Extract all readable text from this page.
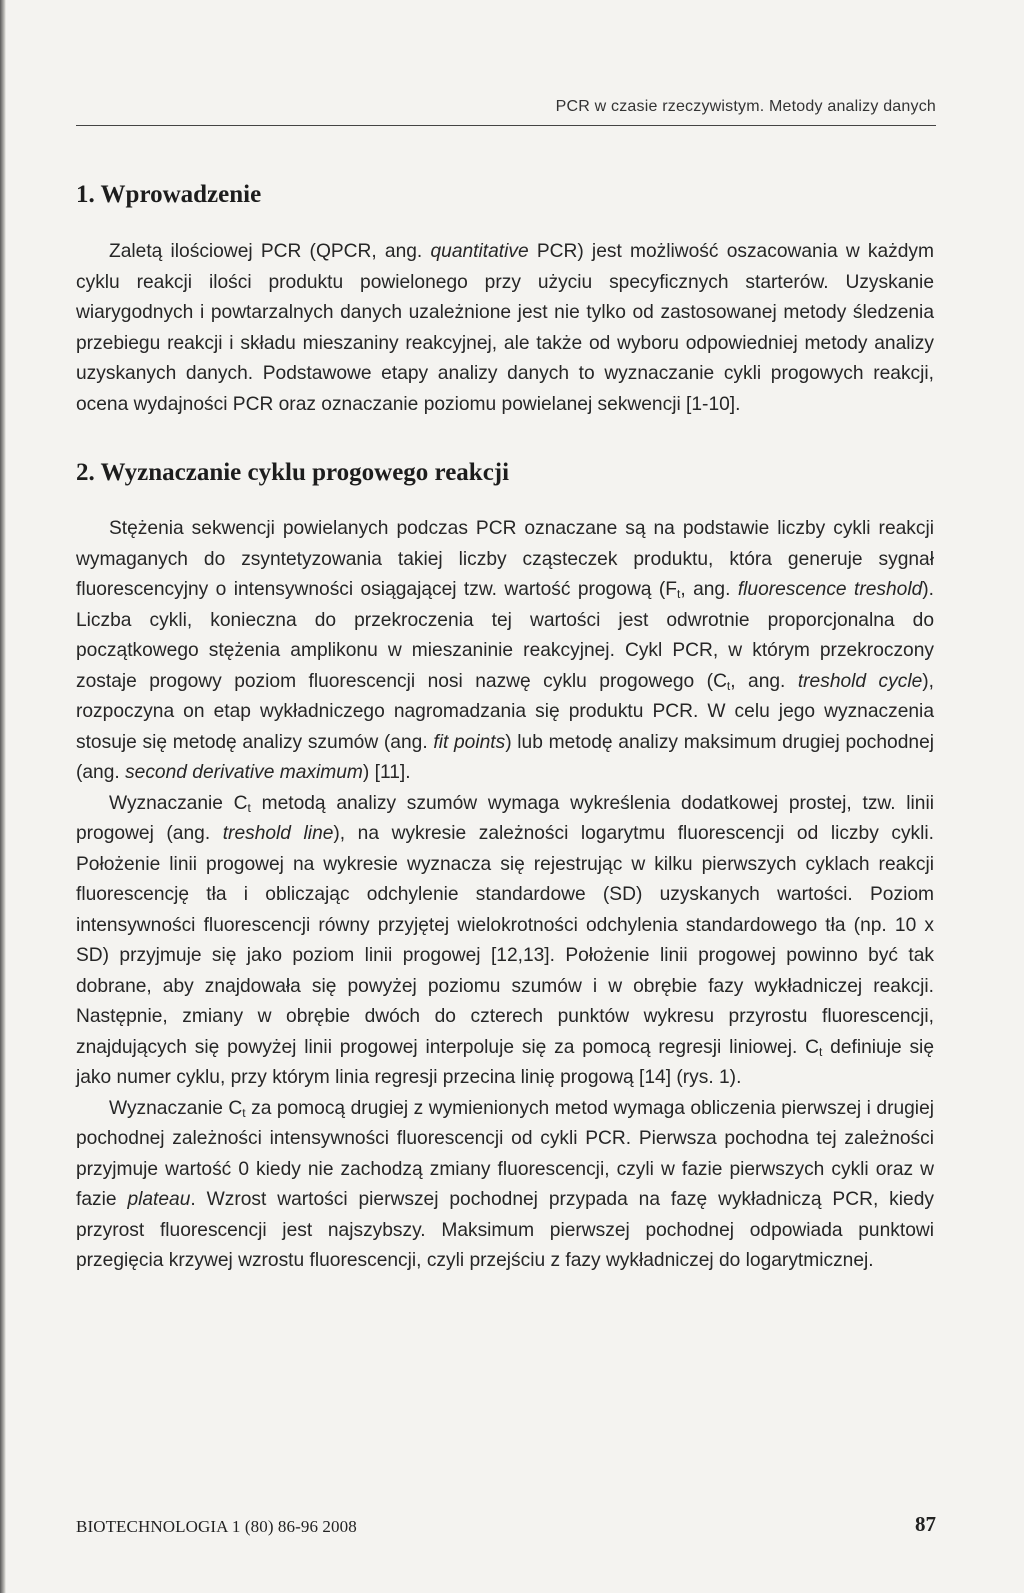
PCR w czasie rzeczywistym. Metody analizy danych
1. Wprowadzenie

Zaletą ilościowej PCR (QPCR, ang. quantitative PCR) jest możliwość oszacowania w każdym cyklu reakcji ilości produktu powielonego przy użyciu specyficznych starterów. Uzyskanie wiarygodnych i powtarzalnych danych uzależnione jest nie tylko od zastosowanej metody śledzenia przebiegu reakcji i składu mieszaniny reakcyjnej, ale także od wyboru odpowiedniej metody analizy uzyskanych danych. Podstawowe etapy analizy danych to wyznaczanie cykli progowych reakcji, ocena wydajności PCR oraz oznaczanie poziomu powielanej sekwencji [1-10].

2. Wyznaczanie cyklu progowego reakcji

Stężenia sekwencji powielanych podczas PCR oznaczane są na podstawie liczby cykli reakcji wymaganych do zsyntetyzowania takiej liczby cząsteczek produktu, która generuje sygnał fluorescencyjny o intensywności osiągającej tzw. wartość progową ($F_t$, ang. fluorescence treshold). Liczba cykli, konieczna do przekroczenia tej wartości jest odwrotnie proporcjonalna do początkowego stężenia amplikonu w mieszaninie reakcyjnej. Cykl PCR, w którym przekroczony zostaje progowy poziom fluorescencji nosi nazwę cyklu progowego ($C_t$, ang. treshold cycle), rozpoczyna on etap wykładniczego nagromadzania się produktu PCR. W celu jego wyznaczenia stosuje się metodę analizy szumów (ang. fit points) lub metodę analizy maksimum drugiej pochodnej (ang. second derivative maximum) [11].

Wyznaczanie $C_t$ metodą analizy szumów wymaga wykreślenia dodatkowej prostej, tzw. linii progowej (ang. treshold line), na wykresie zależności logarytmu fluorescencji od liczby cykli. Położenie linii progowej na wykresie wyznacza się rejestrując w kilku pierwszych cyklach reakcji fluorescencję tła i obliczając odchylenie standardowe (SD) uzyskanych wartości. Poziom intensywności fluorescencji równy przyjętej wielokrotności odchylenia standardowego tła (np. 10 x SD) przyjmuje się jako poziom linii progowej [12,13]. Położenie linii progowej powinno być tak dobrane, aby znajdowała się powyżej poziomu szumów i w obrębie fazy wykładniczej reakcji. Następnie, zmiany w obrębie dwóch do czterech punktów wykresu przyrostu fluorescencji, znajdujących się powyżej linii progowej interpoluje się za pomocą regresji liniowej. $C_t$ definiuje się jako numer cyklu, przy którym linia regresji przecina linię progową [14] (rys. 1).

Wyznaczanie $C_t$ za pomocą drugiej z wymienionych metod wymaga obliczenia pierwszej i drugiej pochodnej zależności intensywności fluorescencji od cykli PCR. Pierwsza pochodna tej zależności przyjmuje wartość 0 kiedy nie zachodzą zmiany fluorescencji, czyli w fazie pierwszych cykli oraz w fazie plateau. Wzrost wartości pierwszej pochodnej przypada na fazę wykładniczą PCR, kiedy przyrost fluorescencji jest najszybszy. Maksimum pierwszej pochodnej odpowiada punktowi przegięcia krzywej wzrostu fluorescencji, czyli przejściu z fazy wykładniczej do logarytmicznej.

BIOTECHNOLOGIA 1 (80) 86-96 2008	87
